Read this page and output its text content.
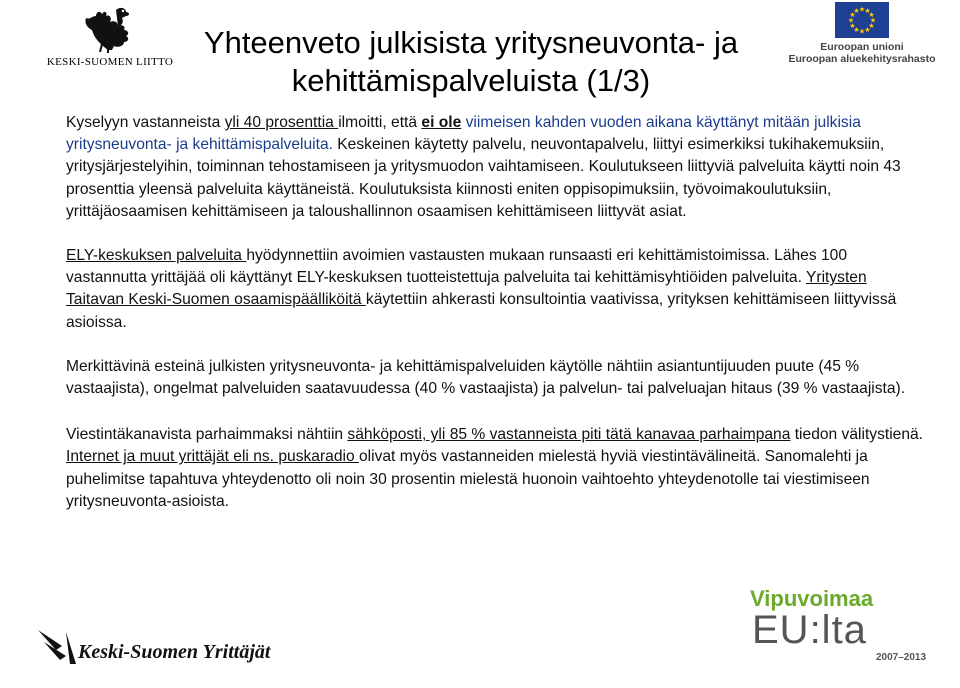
KESKI-SUOMEN LIITTO
Yhteenveto julkisista yritysneuvonta- ja
kehittämispalveluista (1/3)
★ ★
★
★
★
★
★
★
★
★
★
★
Euroopan unioni
Euroopan aluekehitysrahasto

Kyselyyn vastanneista yli 40 prosenttia ilmoitti, että ei ole viimeisen kahden vuoden aikana käyttänyt mitään julkisia yritysneuvonta- ja kehittämispalveluita. Keskeinen käytetty palvelu, neuvontapalvelu, liittyi esimerkiksi tukihakemuksiin, yritysjärjestelyihin, toiminnan tehostamiseen ja yritysmuodon vaihtamiseen. Koulutukseen liittyviä palveluita käytti noin 43 prosenttia yleensä palveluita käyttäneistä. Koulutuksista kiinnosti eniten oppisopimuksiin, työvoimakoulutuksiin, yrittäjäosaamisen kehittämiseen ja taloushallinnon osaamisen kehittämiseen liittyvät asiat.

ELY-keskuksen palveluita hyödynnettiin avoimien vastausten mukaan runsaasti eri kehittämistoimissa. Lähes 100 vastannutta yrittäjää oli käyttänyt ELY-keskuksen tuotteistettuja palveluita tai kehittämisyhtiöiden palveluita. Yritysten Taitavan Keski-Suomen osaamispäälliköitä käytettiin ahkerasti konsultointia vaativissa, yrityksen kehittämiseen liittyvissä asioissa.

Merkittävinä esteinä julkisten yritysneuvonta- ja kehittämispalveluiden käytölle nähtiin asiantuntijuuden puute (45 % vastaajista), ongelmat palveluiden saatavuudessa (40 % vastaajista) ja palvelun- tai palveluajan hitaus (39 % vastaajista).

Viestintäkanavista parhaimmaksi nähtiin sähköposti, yli 85 % vastanneista piti tätä kanavaa parhaimpana tiedon välitystienä. Internet ja muut yrittäjät eli ns. puskaradio olivat myös vastanneiden mielestä hyviä viestintävälineitä. Sanomalehti ja puhelimitse tapahtuva yhteydenotto oli noin 30 prosentin mielestä huonoin vaihtoehto yhteydenotolle tai viestimiseen yritysneuvonta-asioista.

Keski-Suomen Yrittäjät
Vipuvoimaa
EU:lta
2007–2013
